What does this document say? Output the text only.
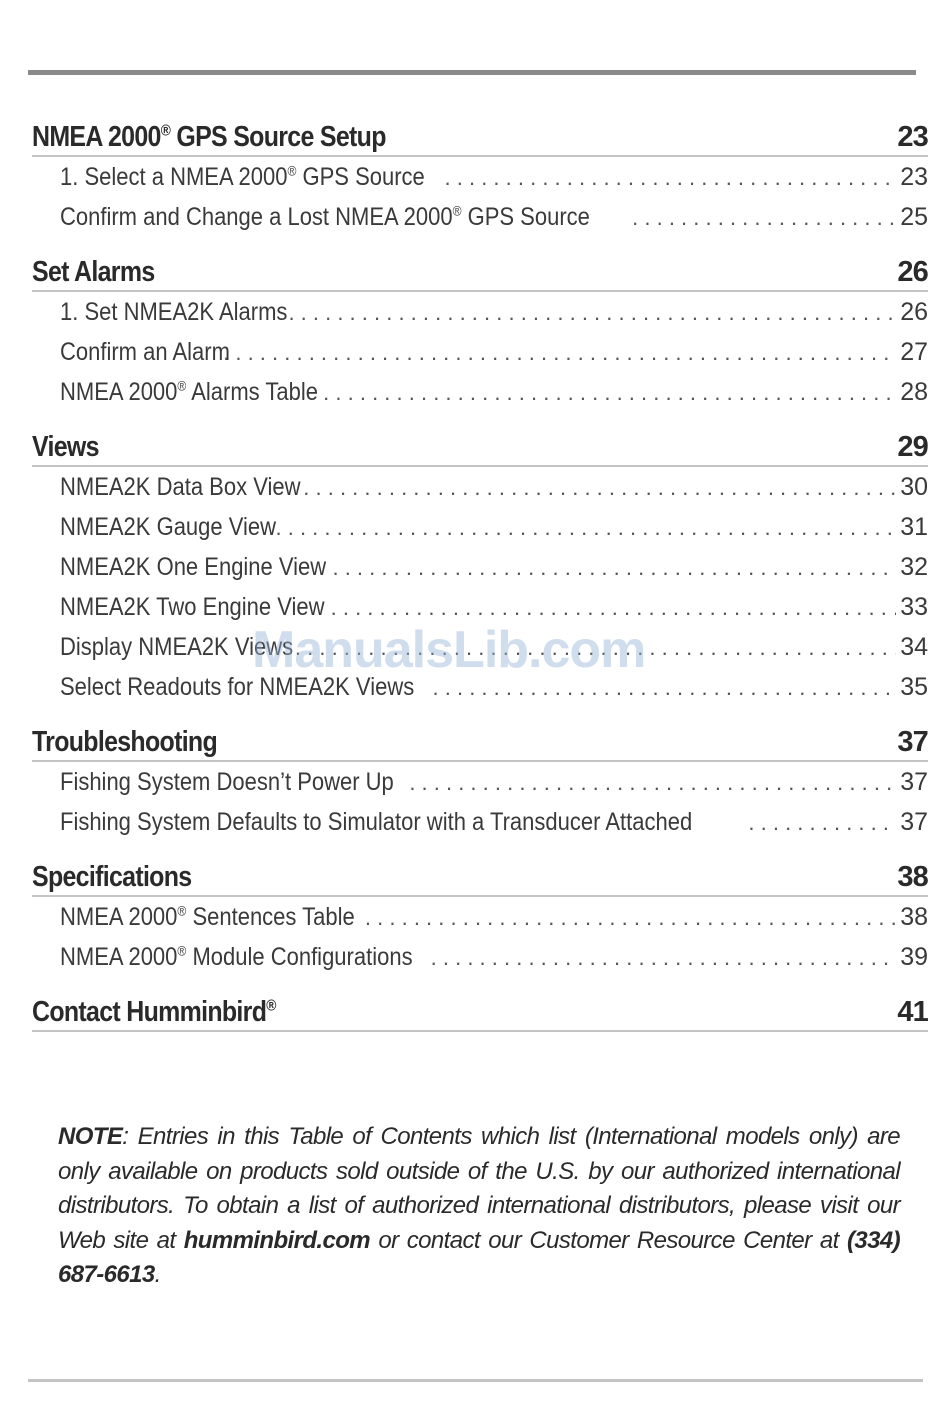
NMEA 2000® GPS Source Setup	23
1. Select a NMEA 2000® GPS Source . . .	23
Confirm and Change a Lost NMEA 2000® GPS Source . . .	25
Set Alarms	26
1. Set NMEA2K Alarms . . .	26
Confirm an Alarm . . .	27
NMEA 2000® Alarms Table . . .	28
Views	29
NMEA2K Data Box View . . .	30
NMEA2K Gauge View . . .	31
NMEA2K One Engine View . . .	32
NMEA2K Two Engine View . . .	33
Display NMEA2K Views . . .	34
Select Readouts for NMEA2K Views . . .	35
Troubleshooting	37
Fishing System Doesn’t Power Up . . .	37
Fishing System Defaults to Simulator with a Transducer Attached . . .	37
Specifications	38
NMEA 2000® Sentences Table . . .	38
NMEA 2000® Module Configurations . . .	39
Contact Humminbird®	41
NOTE: Entries in this Table of Contents which list (International models only) are only available on products sold outside of the U.S. by our authorized international distributors. To obtain a list of authorized international distributors, please visit our Web site at humminbird.com or contact our Customer Resource Center at (334) 687-6613.
ManualsLib.com
